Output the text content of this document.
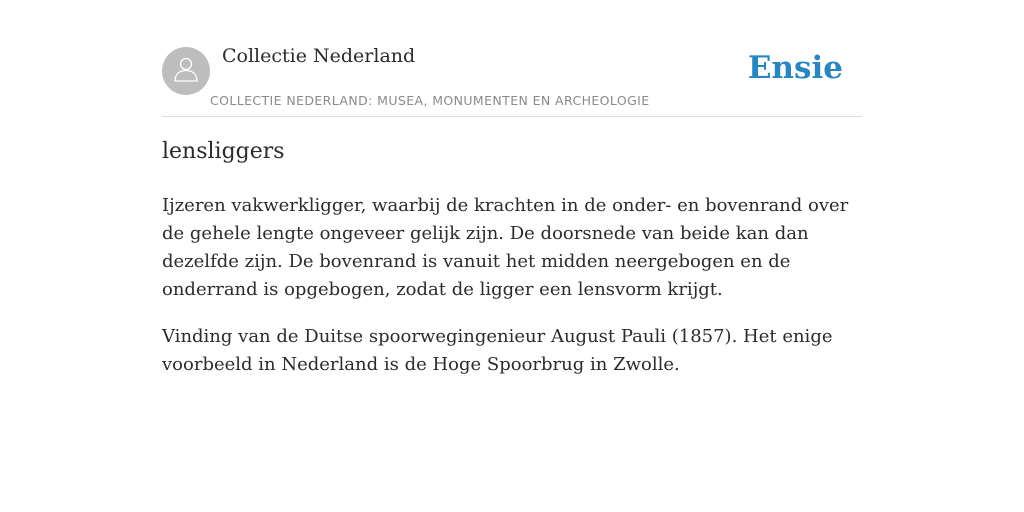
Collectie Nederland
COLLECTIE NEDERLAND: MUSEA, MONUMENTEN EN ARCHEOLOGIE
Ensie
lensliggers

Ijzeren vakwerkligger, waarbij de krachten in de onder- en bovenrand over de gehele lengte ongeveer gelijk zijn. De doorsnede van beide kan dan dezelfde zijn. De bovenrand is vanuit het midden neergebogen en de onderrand is opgebogen, zodat de ligger een lensvorm krijgt.

Vinding van de Duitse spoorwegingenieur August Pauli (1857). Het enige voorbeeld in Nederland is de Hoge Spoorbrug in Zwolle.
